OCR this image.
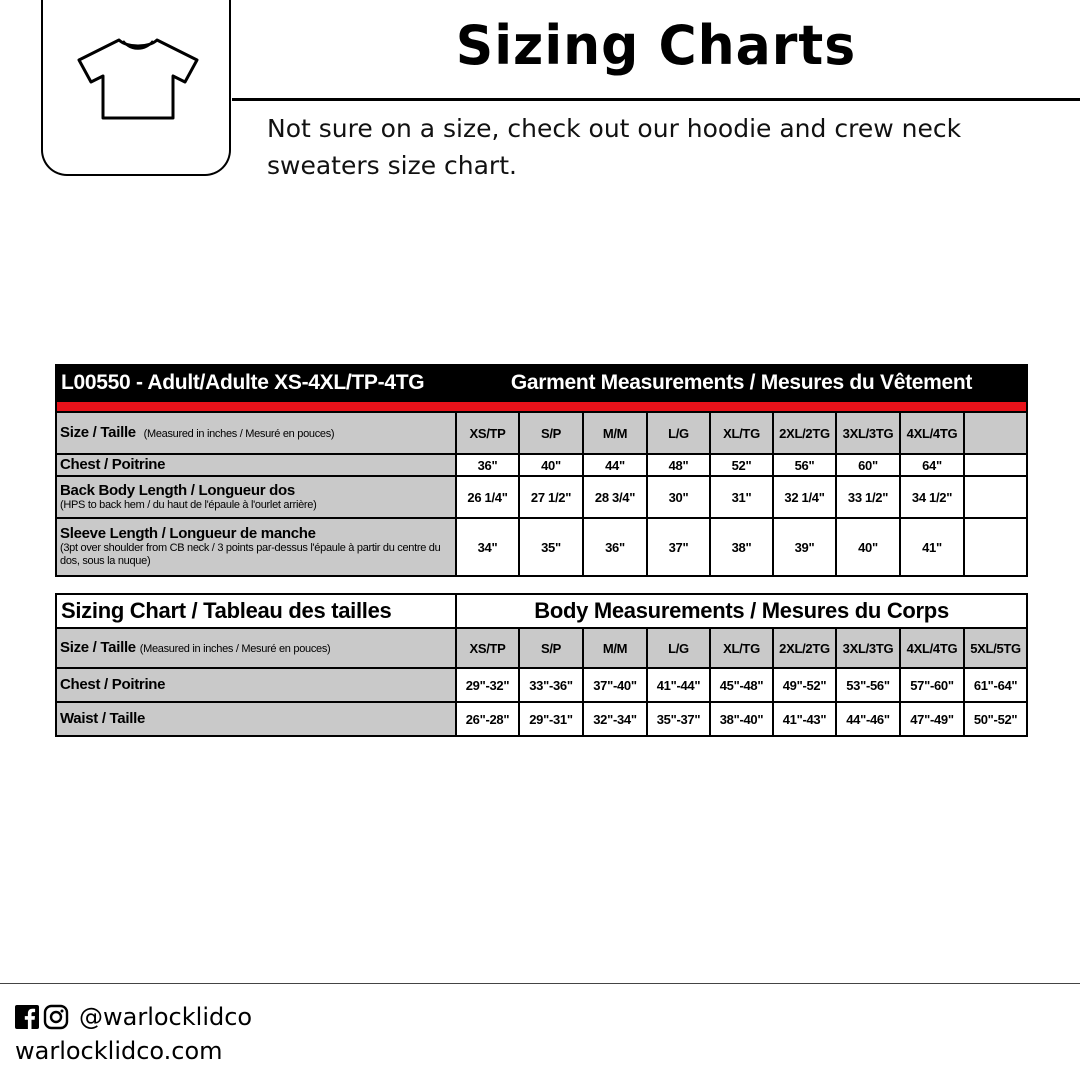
Sizing Charts
Not sure on a size, check out our hoodie and crew neck sweaters size chart.
L00550 - Adult/Adulte XS-4XL/TP-4TG	Garment Measurements / Mesures du Vêtement								

Size / Taille (Measured in inches / Mesuré en pouces)	XS/TP	S/P	M/M	L/G	XL/TG	2XL/2TG	3XL/3TG	4XL/4TG	
Chest / Poitrine	36"	40"	44"	48"	52"	56"	60"	64"	
Back Body Length / Longueur dos
(HPS to back hem / du haut de l'épaule à l'ourlet arrière)	26 1/4"	27 1/2"	28 3/4"	30"	31"	32 1/4"	33 1/2"	34 1/2"	
Sleeve Length / Longueur de manche
(3pt over shoulder from CB neck / 3 points par-dessus l'épaule à partir du centre du dos, sous la nuque)	34"	35"	36"	37"	38"	39"	40"	41"	
Sizing Chart / Tableau des tailles	Body Measurements / Mesures du Corps								
Size / Taille (Measured in inches / Mesuré en pouces)	XS/TP	S/P	M/M	L/G	XL/TG	2XL/2TG	3XL/3TG	4XL/4TG	5XL/5TG
Chest / Poitrine	29"-32"	33"-36"	37"-40"	41"-44"	45"-48"	49"-52"	53"-56"	57"-60"	61"-64"
Waist / Taille	26"-28"	29"-31"	32"-34"	35"-37"	38"-40"	41"-43"	44"-46"	47"-49"	50"-52"
@warlocklidco
warlocklidco.com
